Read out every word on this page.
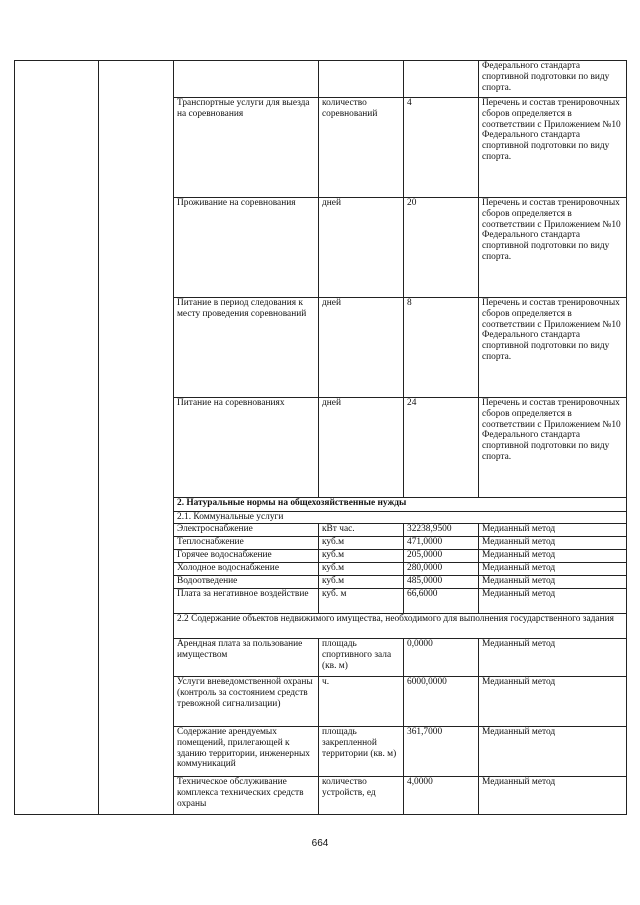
					Федерального стандарта спортивной подготовки по виду спорта.
		Транспортные услуги для выезда на соревнования	количество соревнований	4	Перечень и состав тренировочных сборов определяется в соответствии с Приложением №10 Федерального стандарта спортивной подготовки по виду спорта.
		Проживание на соревнования	дней	20	Перечень и состав тренировочных сборов определяется в соответствии с Приложением №10 Федерального стандарта спортивной подготовки по виду спорта.
		Питание в период следования к месту проведения соревнований	дней	8	Перечень и состав тренировочных сборов определяется в соответствии с Приложением №10 Федерального стандарта спортивной подготовки по виду спорта.
		Питание на соревнованиях	дней	24	Перечень и состав тренировочных сборов определяется в соответствии с Приложением №10 Федерального стандарта спортивной подготовки по виду спорта.
		2. Натуральные нормы на общехозяйственные нужды			
		2.1. Коммунальные услуги			
		Электроснабжение	кВт час.	32238,9500	Медианный метод
		Теплоснабжение	куб.м	471,0000	Медианный метод
		Горячее водоснабжение	куб.м	205,0000	Медианный метод
		Холодное водоснабжение	куб.м	280,0000	Медианный метод
		Водоотведение	куб.м	485,0000	Медианный метод
		Плата за негативное воздействие	куб. м	66,6000	Медианный метод
		2.2 Содержание объектов недвижимого имущества, необходимого для выполнения государственного задания			
		Арендная плата за пользование имуществом	площадь спортивного зала (кв. м)	0,0000	Медианный метод
		Услуги вневедомственной охраны (контроль за состоянием средств тревожной сигнализации)	ч.	6000,0000	Медианный метод
		Содержание арендуемых помещений, прилегающей к зданию территории, инженерных коммуникаций	площадь закрепленной территории (кв. м)	361,7000	Медианный метод
		Техническое обслуживание комплекса технических средств охраны	количество устройств, ед	4,0000	Медианный метод
664
